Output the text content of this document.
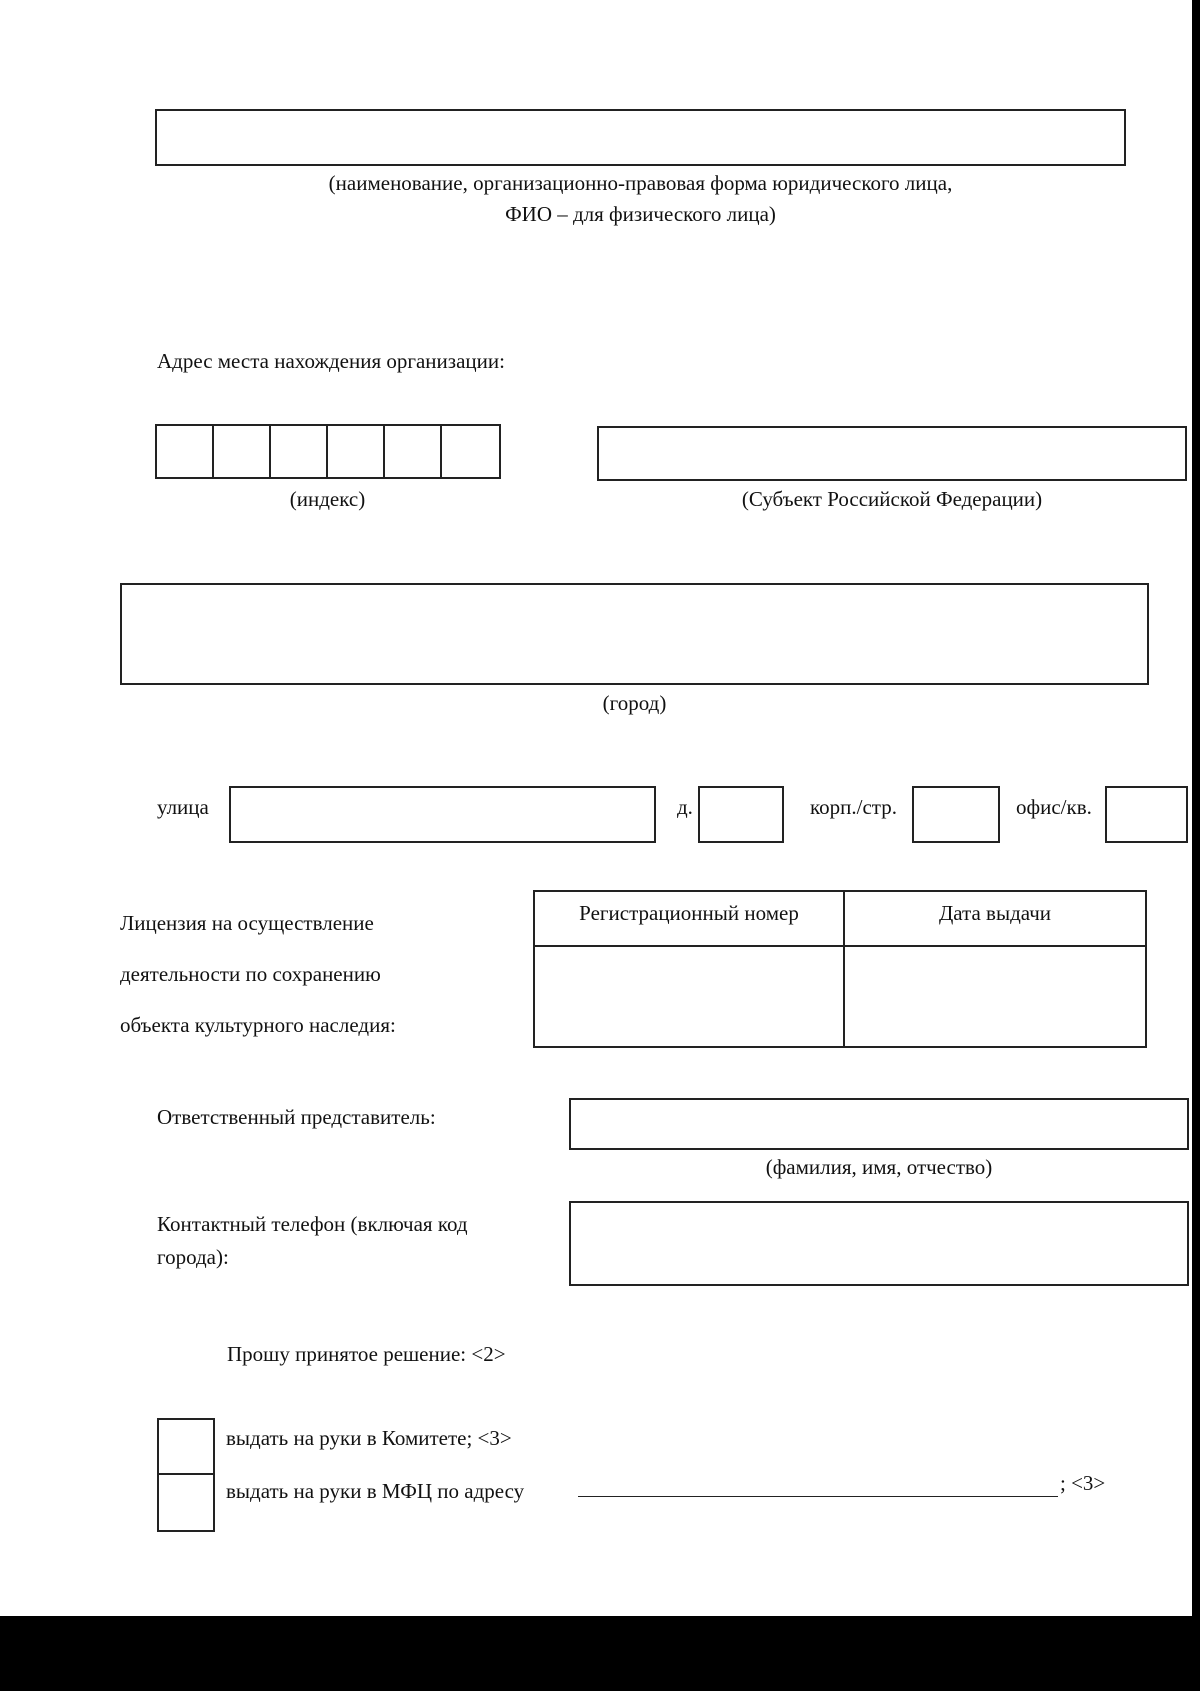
(наименование, организационно-правовая форма юридического лица,
ФИО – для физического лица)
Адрес места нахождения организации:
(индекс)	(Субъект Российской Федерации)
(город)
улица	д.	корп./стр.	офис/кв.
Лицензия на осуществление
деятельности по сохранению
объекта культурного наследия:
Регистрационный номер	Дата выдачи
Ответственный представитель:
(фамилия, имя, отчество)
Контактный телефон (включая код
города):
Прошу принятое решение: <2>
выдать на руки в Комитете; <3>
выдать на руки в МФЦ по адресу	; <3>
